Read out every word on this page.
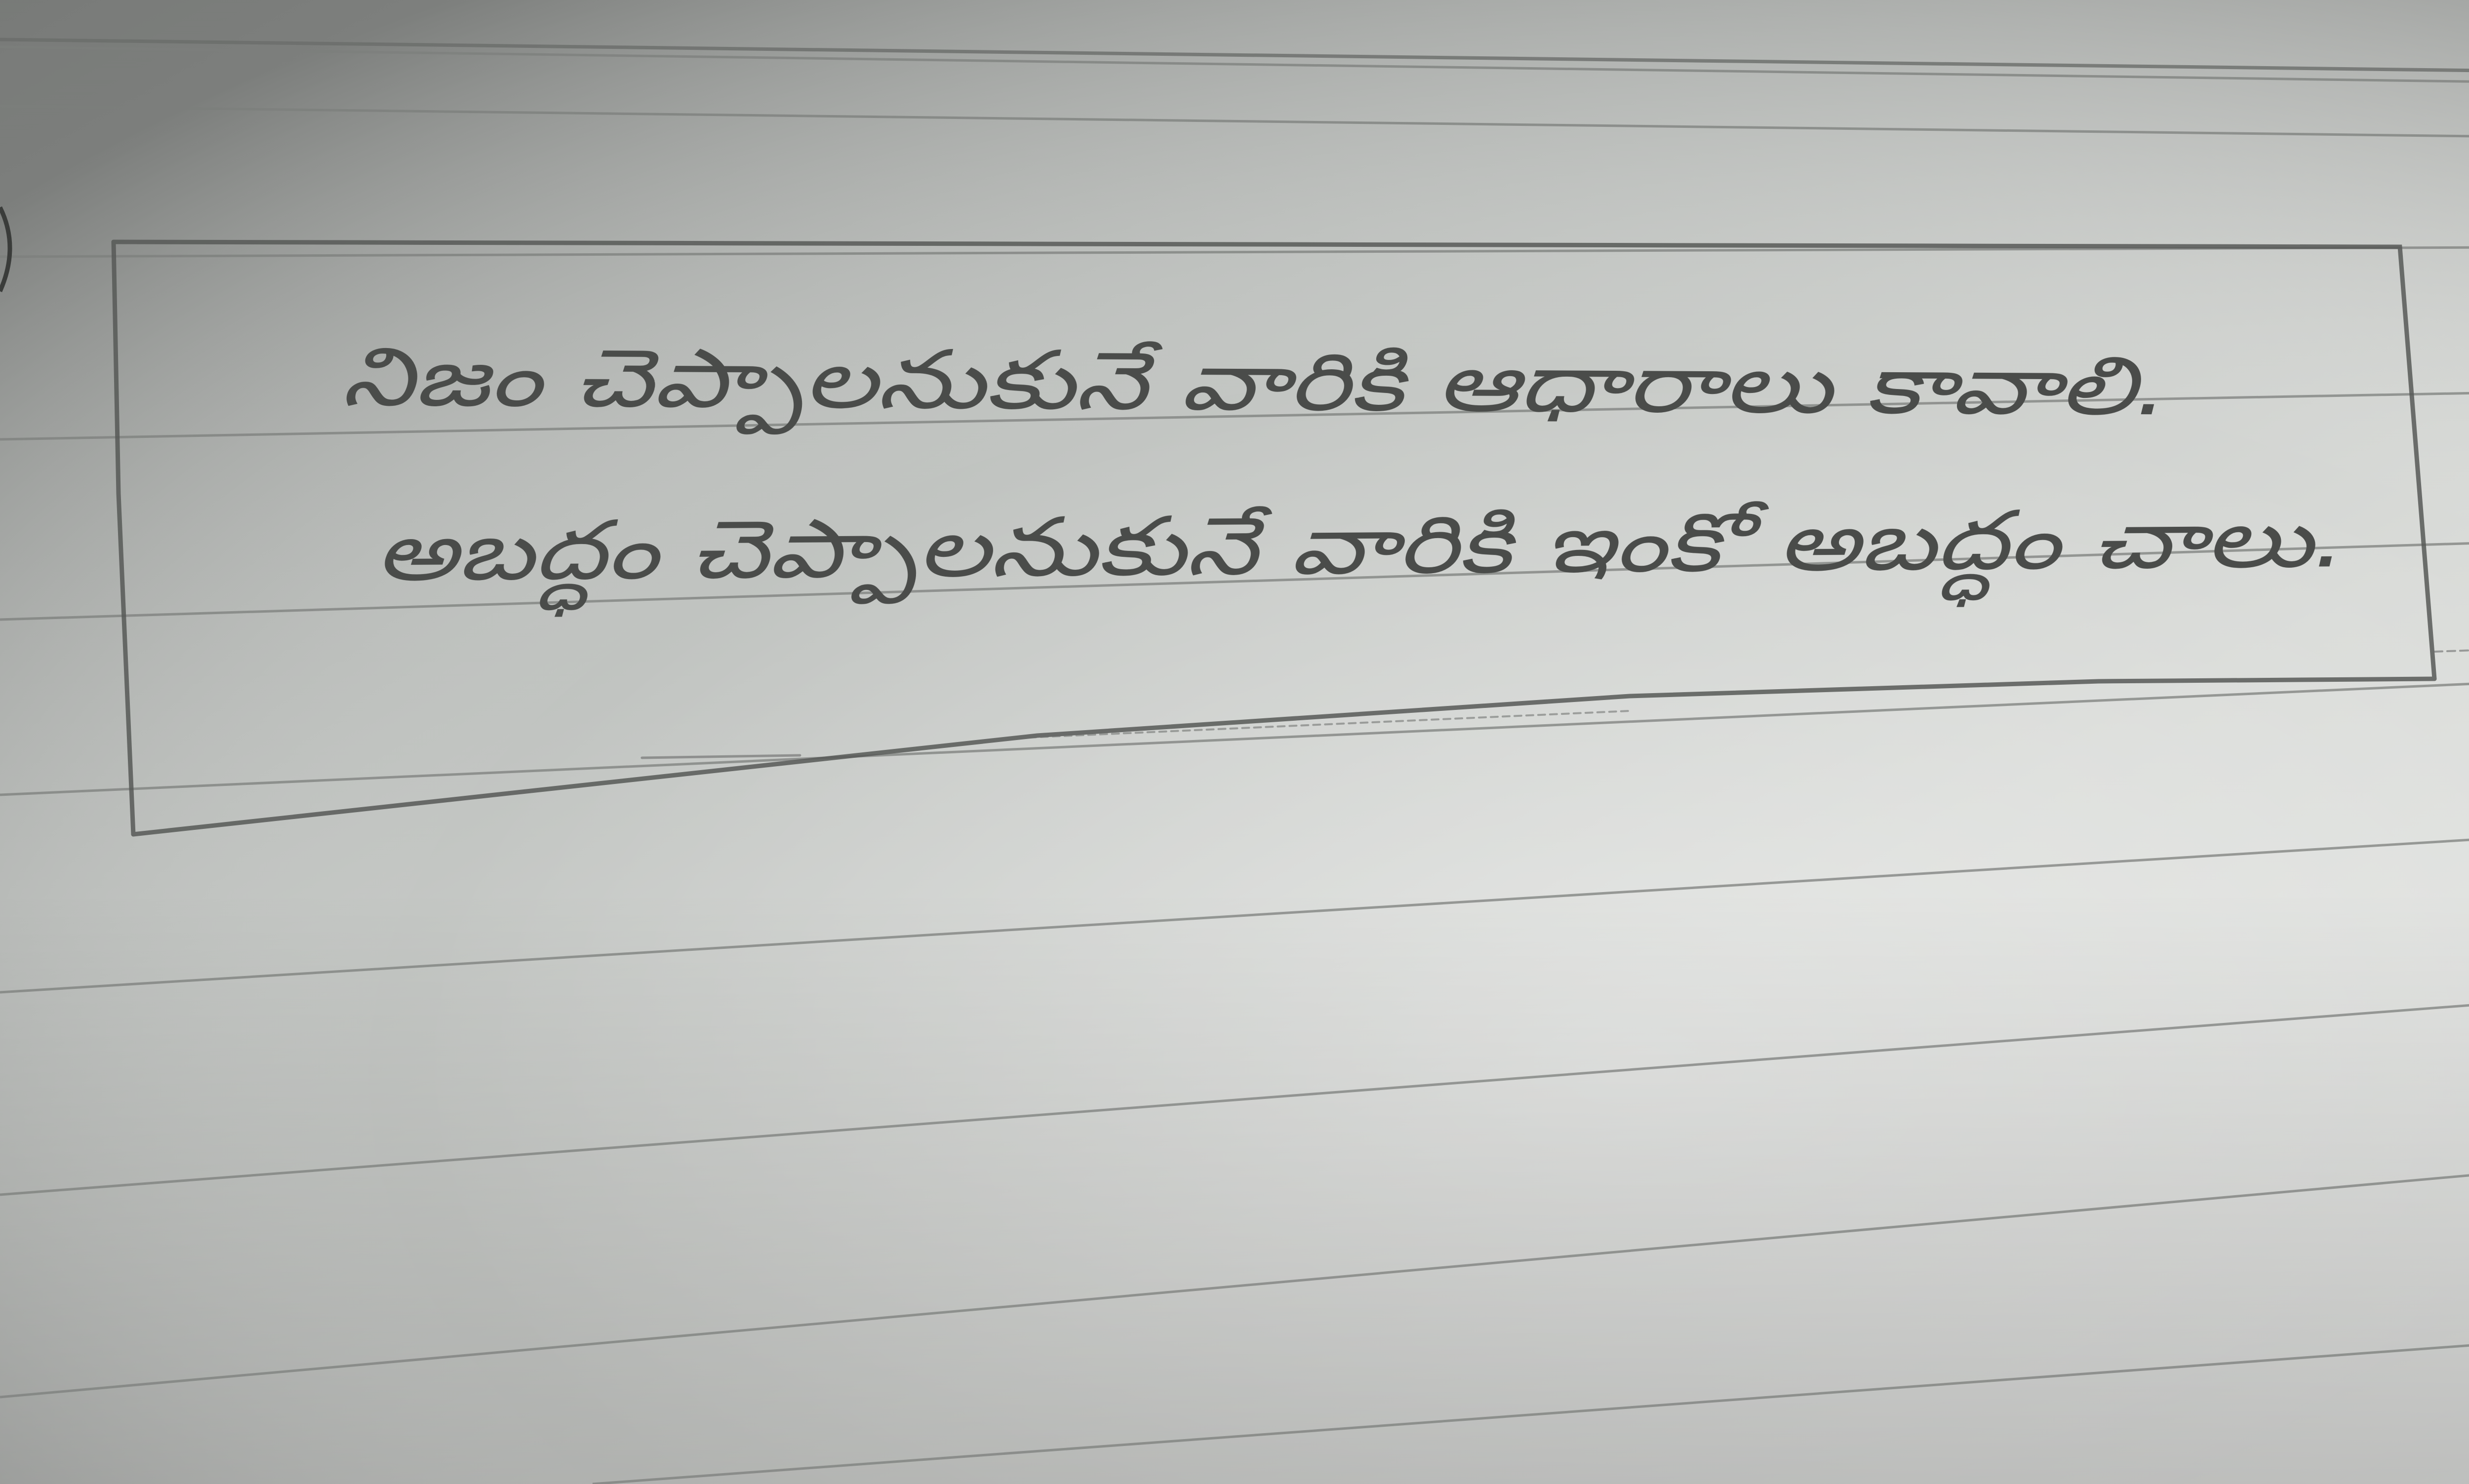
నిజం చెప్పాలనుకునే వారికి ఆధారాలు కావాలి.
అబద్ధం చెప్పాలనుకునే వారికి ఇంకో అబద్ధం చాలు.
